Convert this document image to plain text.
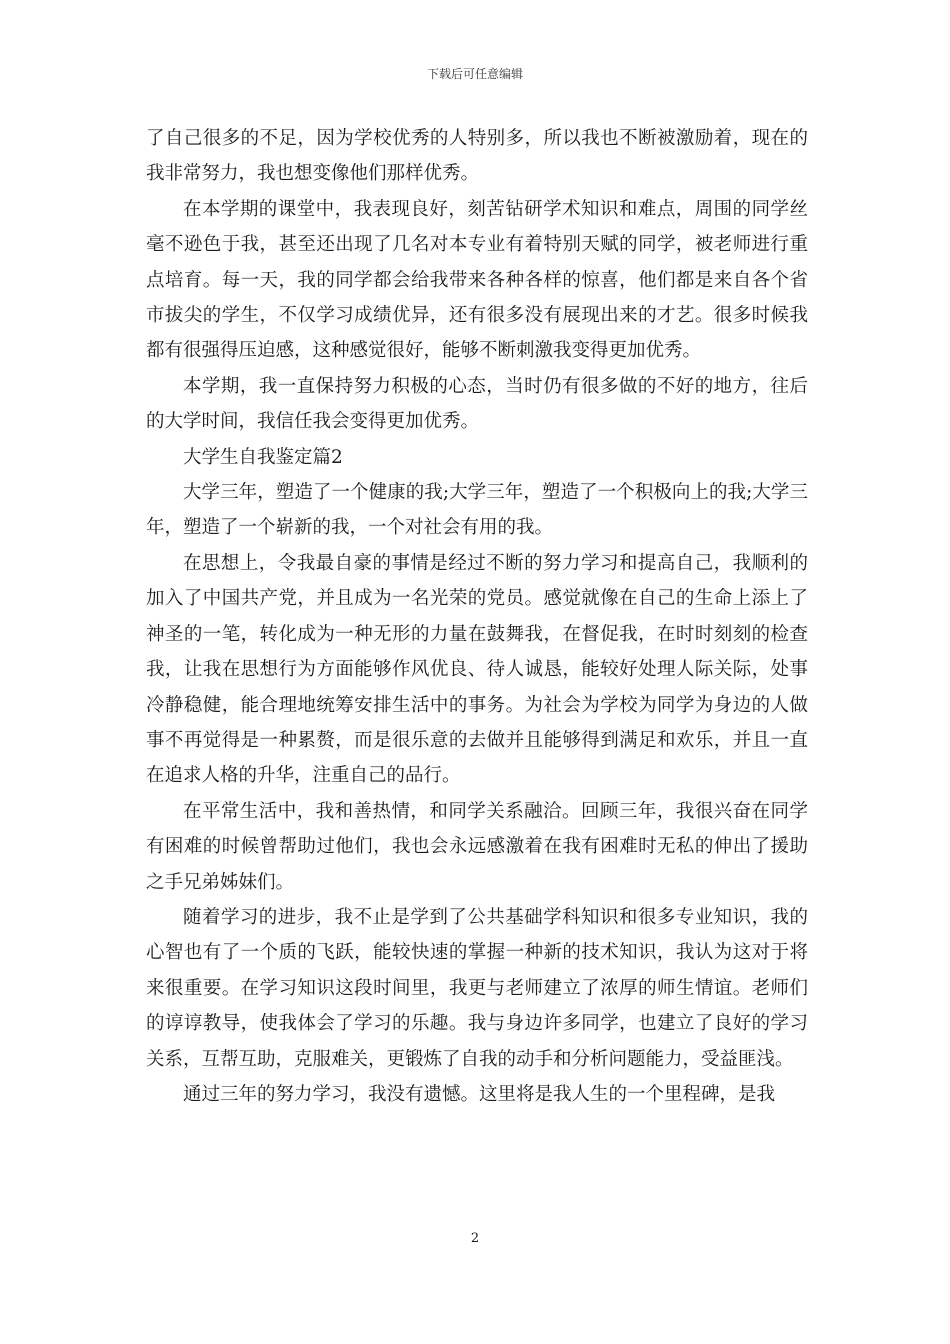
下载后可任意编辑

了自己很多的不足，因为学校优秀的人特别多，所以我也不断被激励着，现在的我非常努力，我也想变像他们那样优秀。

在本学期的课堂中，我表现良好，刻苦钻研学术知识和难点，周围的同学丝毫不逊色于我，甚至还出现了几名对本专业有着特别天赋的同学，被老师进行重点培育。每一天，我的同学都会给我带来各种各样的惊喜，他们都是来自各个省市拔尖的学生，不仅学习成绩优异，还有很多没有展现出来的才艺。很多时候我都有很强得压迫感，这种感觉很好，能够不断刺激我变得更加优秀。

本学期，我一直保持努力积极的心态，当时仍有很多做的不好的地方，往后的大学时间，我信任我会变得更加优秀。

大学生自我鉴定篇2

大学三年，塑造了一个健康的我;大学三年，塑造了一个积极向上的我;大学三年，塑造了一个崭新的我，一个对社会有用的我。

在思想上，令我最自豪的事情是经过不断的努力学习和提高自己，我顺利的加入了中国共产党，并且成为一名光荣的党员。感觉就像在自己的生命上添上了神圣的一笔，转化成为一种无形的力量在鼓舞我，在督促我，在时时刻刻的检查我，让我在思想行为方面能够作风优良、待人诚恳，能较好处理人际关际，处事冷静稳健，能合理地统筹安排生活中的事务。为社会为学校为同学为身边的人做事不再觉得是一种累赘，而是很乐意的去做并且能够得到满足和欢乐，并且一直在追求人格的升华，注重自己的品行。

在平常生活中，我和善热情，和同学关系融洽。回顾三年，我很兴奋在同学有困难的时候曾帮助过他们，我也会永远感激着在我有困难时无私的伸出了援助之手兄弟姊妹们。

随着学习的进步，我不止是学到了公共基础学科知识和很多专业知识，我的心智也有了一个质的飞跃，能较快速的掌握一种新的技术知识，我认为这对于将来很重要。在学习知识这段时间里，我更与老师建立了浓厚的师生情谊。老师们的谆谆教导，使我体会了学习的乐趣。我与身边许多同学，也建立了良好的学习关系，互帮互助，克服难关，更锻炼了自我的动手和分析问题能力，受益匪浅。

通过三年的努力学习，我没有遗憾。这里将是我人生的一个里程碑，是我

2
